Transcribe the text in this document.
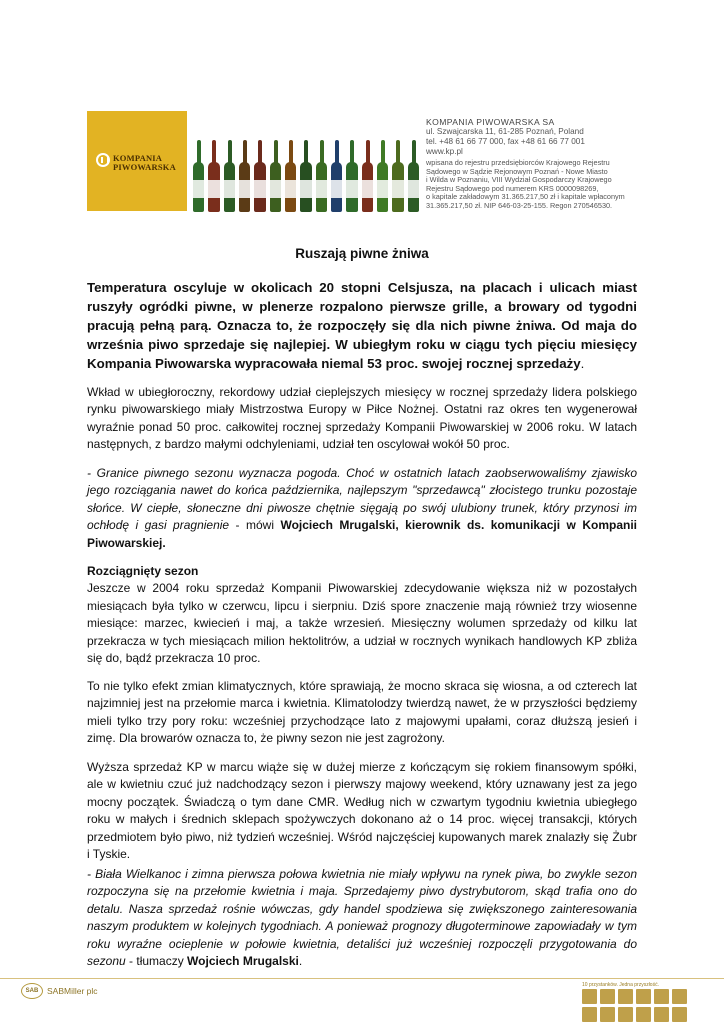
KOMPANIA
PIWOWARSKA
KOMPANIA PIWOWARSKA SA
ul. Szwajcarska 11, 61-285 Poznań, Poland
tel. +48 61 66 77 000, fax +48 61 66 77 001
www.kp.pl
wpisana do rejestru przedsiębiorców Krajowego Rejestru
Sądowego w Sądzie Rejonowym Poznań - Nowe Miasto
i Wilda w Poznaniu, VIII Wydział Gospodarczy Krajowego
Rejestru Sądowego pod numerem KRS 0000098269,
o kapitale zakładowym 31.365.217,50 zł i kapitale wpłaconym
31.365.217,50 zł. NIP 646-03-25-155. Regon 270546530.
Ruszają piwne żniwa
Temperatura oscyluje w okolicach 20 stopni Celsjusza, na placach i ulicach miast ruszyły ogródki piwne, w plenerze rozpalono pierwsze grille, a browary od tygodni pracują pełną parą. Oznacza to, że rozpoczęły się dla nich piwne żniwa. Od maja do września piwo sprzedaje się najlepiej. W ubiegłym roku w ciągu tych pięciu miesięcy Kompania Piwowarska wypracowała niemal 53 proc. swojej rocznej sprzedaży.
Wkład w ubiegłoroczny, rekordowy udział cieplejszych miesięcy w rocznej sprzedaży lidera polskiego rynku piwowarskiego miały Mistrzostwa Europy w Piłce Nożnej. Ostatni raz okres ten wygenerował wyraźnie ponad 50 proc. całkowitej rocznej sprzedaży Kompanii Piwowarskiej w 2006 roku. W latach następnych, z bardzo małymi odchyleniami, udział ten oscylował wokół 50 proc.
- Granice piwnego sezonu wyznacza pogoda. Choć w ostatnich latach zaobserwowaliśmy zjawisko jego rozciągania nawet do końca października, najlepszym "sprzedawcą" złocistego trunku pozostaje słońce. W ciepłe, słoneczne dni piwosze chętnie sięgają po swój ulubiony trunek, który przynosi im ochłodę i gasi pragnienie - mówi Wojciech Mrugalski, kierownik ds. komunikacji w Kompanii Piwowarskiej.
Rozciągnięty sezon
Jeszcze w 2004 roku sprzedaż Kompanii Piwowarskiej zdecydowanie większa niż w pozostałych miesiącach była tylko w czerwcu, lipcu i sierpniu. Dziś spore znaczenie mają również trzy wiosenne miesiące: marzec, kwiecień i maj, a także wrzesień. Miesięczny wolumen sprzedaży od kilku lat przekracza w tych miesiącach milion hektolitrów, a udział w rocznych wynikach handlowych KP zbliża się do, bądź przekracza 10 proc.
To nie tylko efekt zmian klimatycznych, które sprawiają, że mocno skraca się wiosna, a od czterech lat najzimniej jest na przełomie marca i kwietnia. Klimatolodzy twierdzą nawet, że w przyszłości będziemy mieli tylko trzy pory roku: wcześniej przychodzące lato z majowymi upałami, coraz dłuższą jesień i zimę. Dla browarów oznacza to, że piwny sezon nie jest zagrożony.
Wyższa sprzedaż KP w marcu wiąże się w dużej mierze z kończącym się rokiem finansowym spółki, ale w kwietniu czuć już nadchodzący sezon i pierwszy majowy weekend, który uznawany jest za jego mocny początek. Świadczą o tym dane CMR. Według nich w czwartym tygodniu kwietnia ubiegłego roku w małych i średnich sklepach spożywczych dokonano aż o 14 proc. więcej transakcji, których przedmiotem było piwo, niż tydzień wcześniej. Wśród najczęściej kupowanych marek znalazły się Żubr i Tyskie.
- Biała Wielkanoc i zimna pierwsza połowa kwietnia nie miały wpływu na rynek piwa, bo zwykle sezon rozpoczyna się na przełomie kwietnia i maja. Sprzedajemy piwo dystrybutorom, skąd trafia ono do detalu. Nasza sprzedaż rośnie wówczas, gdy handel spodziewa się zwiększonego zainteresowania naszym produktem w kolejnych tygodniach. A ponieważ prognozy długoterminowe zapowiadały w tym roku wyraźne ocieplenie w połowie kwietnia, detaliści już wcześniej rozpoczęli przygotowania do sezonu - tłumaczy Wojciech Mrugalski.
SAB	SABMiller plc
10 przystanków. Jedna przyszłość.
